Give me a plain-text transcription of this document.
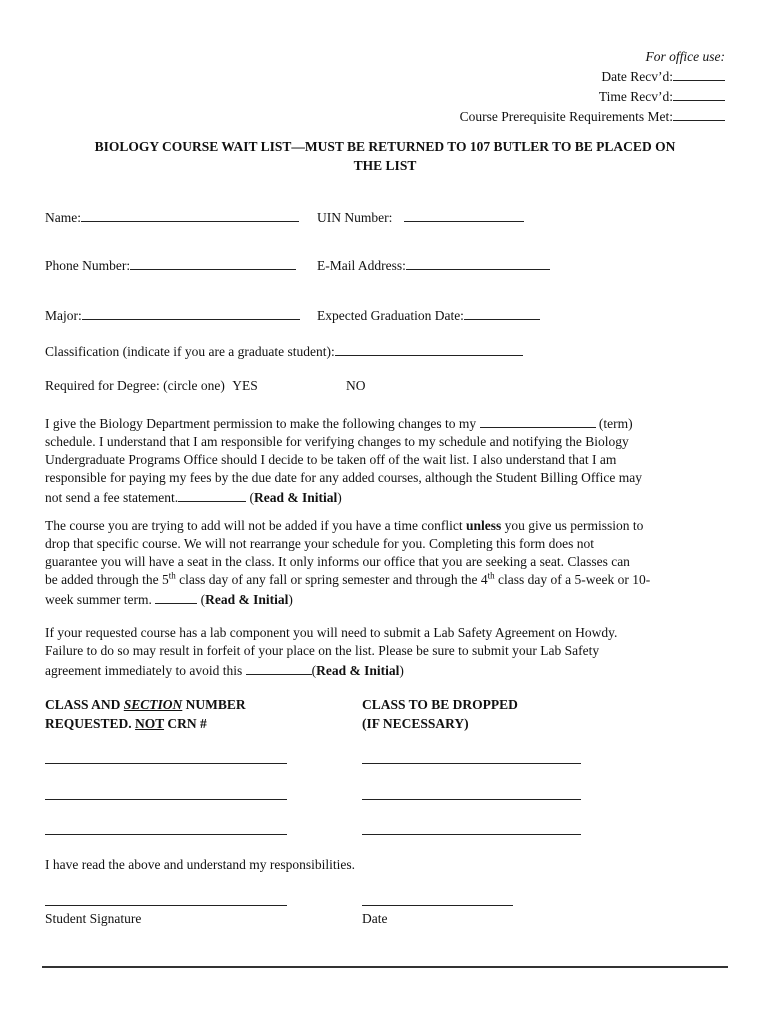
For office use:
Date Recv’d:
Time Recv’d:
Course Prerequisite Requirements Met:
BIOLOGY COURSE WAIT LIST—MUST BE RETURNED TO 107 BUTLER TO BE PLACED ON
THE LIST
Name:	UIN Number:
Phone Number:	E-Mail Address:
Major:	Expected Graduation Date:
Classification (indicate if you are a graduate student):
Required for Degree: (circle one) YES	NO
I give the Biology Department permission to make the following changes to my	(term)
schedule. I understand that I am responsible for verifying changes to my schedule and notifying the Biology
Undergraduate Programs Office should I decide to be taken off of the wait list. I also understand that I am
responsible for paying my fees by the due date for any added courses, although the Student Billing Office may
not send a fee statement.	(Read & Initial)
The course you are trying to add will not be added if you have a time conflict unless you give us permission to
drop that specific course. We will not rearrange your schedule for you. Completing this form does not
guarantee you will have a seat in the class. It only informs our office that you are seeking a seat. Classes can
be added through the 5th class day of any fall or spring semester and through the 4th class day of a 5-week or 10-
week summer term.	(Read & Initial)
If your requested course has a lab component you will need to submit a Lab Safety Agreement on Howdy.
Failure to do so may result in forfeit of your place on the list. Please be sure to submit your Lab Safety
agreement immediately to avoid this	(Read & Initial)
CLASS AND SECTION NUMBER
REQUESTED. NOT CRN #
CLASS TO BE DROPPED
(IF NECESSARY)
I have read the above and understand my responsibilities.
Student Signature	Date
